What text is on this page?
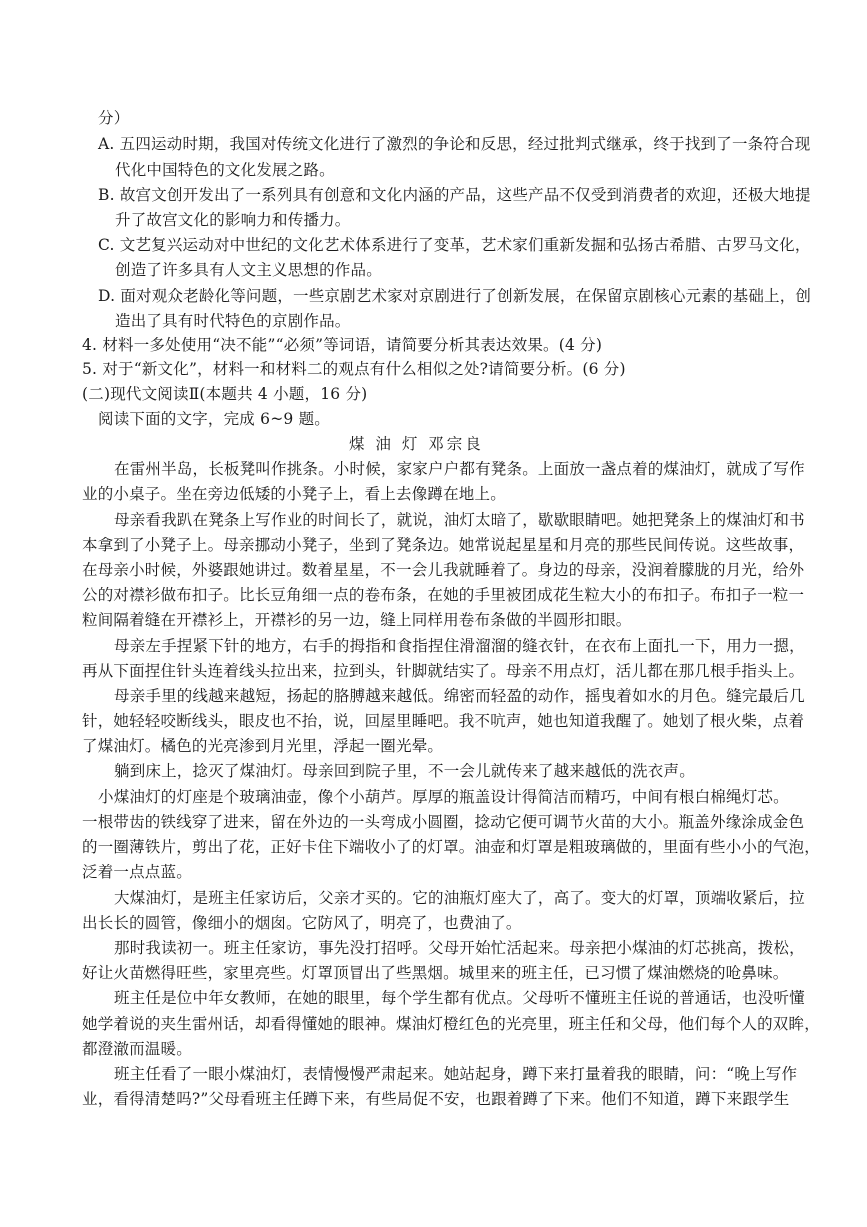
分）
A. 五四运动时期，我国对传统文化进行了激烈的争论和反思，经过批判式继承，终于找到了一条符合现
代化中国特色的文化发展之路。
B. 故宫文创开发出了一系列具有创意和文化内涵的产品，这些产品不仅受到消费者的欢迎，还极大地提
升了故宫文化的影响力和传播力。
C. 文艺复兴运动对中世纪的文化艺术体系进行了变革，艺术家们重新发掘和弘扬古希腊、古罗马文化，
创造了许多具有人文主义思想的作品。
D. 面对观众老龄化等问题，一些京剧艺术家对京剧进行了创新发展，在保留京剧核心元素的基础上，创
造出了具有时代特色的京剧作品。
4. 材料一多处使用“决不能”“必须”等词语，请简要分析其表达效果。(4 分)
5. 对于“新文化”，材料一和材料二的观点有什么相似之处?请简要分析。(6 分)
(二)现代文阅读Ⅱ(本题共 4 小题，16 分)
阅读下面的文字，完成 6~9 题。
煤 油 灯 邓宗良
在雷州半岛，长板凳叫作挑条。小时候，家家户户都有凳条。上面放一盏点着的煤油灯，就成了写作
业的小桌子。坐在旁边低矮的小凳子上，看上去像蹲在地上。
母亲看我趴在凳条上写作业的时间长了，就说，油灯太暗了，歇歇眼睛吧。她把凳条上的煤油灯和书
本拿到了小凳子上。母亲挪动小凳子，坐到了凳条边。她常说起星星和月亮的那些民间传说。这些故事，
在母亲小时候，外婆跟她讲过。数着星星，不一会儿我就睡着了。身边的母亲，没润着朦胧的月光，给外
公的对襟衫做布扣子。比长豆角细一点的卷布条，在她的手里被团成花生粒大小的布扣子。布扣子一粒一
粒间隔着缝在开襟衫上，开襟衫的另一边，缝上同样用卷布条做的半圆形扣眼。
母亲左手捏紧下针的地方，右手的拇指和食指捏住滑溜溜的缝衣针，在衣布上面扎一下，用力一摁，
再从下面捏住针头连着线头拉出来，拉到头，针脚就结实了。母亲不用点灯，活儿都在那几根手指头上。
母亲手里的线越来越短，扬起的胳膊越来越低。绵密而轻盈的动作，摇曳着如水的月色。缝完最后几
针，她轻轻咬断线头，眼皮也不抬，说，回屋里睡吧。我不吭声，她也知道我醒了。她划了根火柴，点着
了煤油灯。橘色的光亮渗到月光里，浮起一圈光晕。
躺到床上，捻灭了煤油灯。母亲回到院子里，不一会儿就传来了越来越低的洗衣声。
小煤油灯的灯座是个玻璃油壶，像个小葫芦。厚厚的瓶盖设计得简洁而精巧，中间有根白棉绳灯芯。
一根带齿的铁线穿了进来，留在外边的一头弯成小圆圈，捻动它便可调节火苗的大小。瓶盖外缘涂成金色
的一圈薄铁片，剪出了花，正好卡住下端收小了的灯罩。油壶和灯罩是粗玻璃做的，里面有些小小的气泡，
泛着一点点蓝。
大煤油灯，是班主任家访后，父亲才买的。它的油瓶灯座大了，高了。变大的灯罩，顶端收紧后，拉
出长长的圆管，像细小的烟囱。它防风了，明亮了，也费油了。
那时我读初一。班主任家访，事先没打招呼。父母开始忙活起来。母亲把小煤油的灯芯挑高，拨松，
好让火苗燃得旺些，家里亮些。灯罩顶冒出了些黑烟。城里来的班主任，已习惯了煤油燃烧的呛鼻味。
班主任是位中年女教师，在她的眼里，每个学生都有优点。父母听不懂班主任说的普通话，也没听懂
她学着说的夹生雷州话，却看得懂她的眼神。煤油灯橙红色的光亮里，班主任和父母，他们每个人的双眸，
都澄澈而温暖。
班主任看了一眼小煤油灯，表情慢慢严肃起来。她站起身，蹲下来打量着我的眼睛，问：“晚上写作
业，看得清楚吗?”父母看班主任蹲下来，有些局促不安，也跟着蹲了下来。他们不知道，蹲下来跟学生
